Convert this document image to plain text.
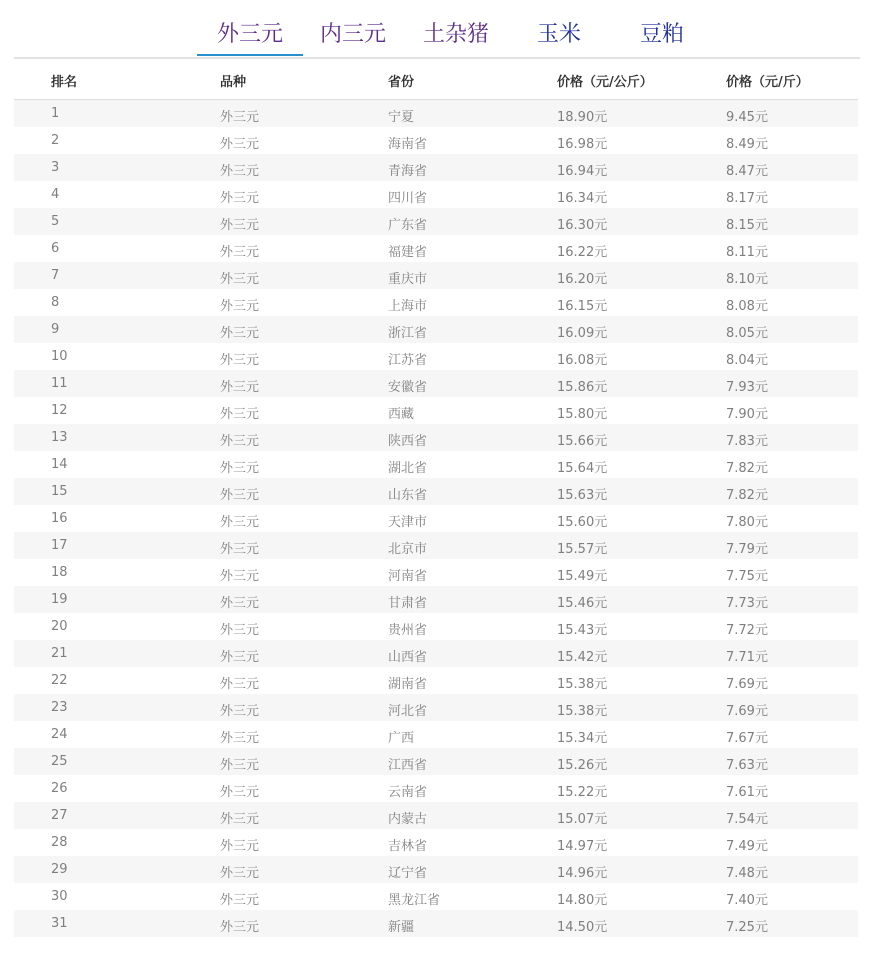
外三元	内三元 土杂猪 玉米	豆粕
排名	品种	省份	价格（元/公斤）	价格（元/斤）
1	外三元	宁夏	18.90元	9.45元
2	外三元	海南省	16.98元	8.49元
3	外三元	青海省	16.94元	8.47元
4	外三元	四川省	16.34元	8.17元
5	外三元	广东省	16.30元	8.15元
6	外三元	福建省	16.22元	8.11元
7	外三元	重庆市	16.20元	8.10元
8	外三元	上海市	16.15元	8.08元
9	外三元	浙江省	16.09元	8.05元
10	外三元	江苏省	16.08元	8.04元
11	外三元	安徽省	15.86元	7.93元
12	外三元	西藏	15.80元	7.90元
13	外三元	陕西省	15.66元	7.83元
14	外三元	湖北省	15.64元	7.82元
15	外三元	山东省	15.63元	7.82元
16	外三元	天津市	15.60元	7.80元
17	外三元	北京市	15.57元	7.79元
18	外三元	河南省	15.49元	7.75元
19	外三元	甘肃省	15.46元	7.73元
20	外三元	贵州省	15.43元	7.72元
21	外三元	山西省	15.42元	7.71元
22	外三元	湖南省	15.38元	7.69元
23	外三元	河北省	15.38元	7.69元
24	外三元	广西	15.34元	7.67元
25	外三元	江西省	15.26元	7.63元
26	外三元	云南省	15.22元	7.61元
27	外三元	内蒙古	15.07元	7.54元
28	外三元	吉林省	14.97元	7.49元
29	外三元	辽宁省	14.96元	7.48元
30	外三元	黑龙江省	14.80元	7.40元
31	外三元	新疆	14.50元	7.25元
